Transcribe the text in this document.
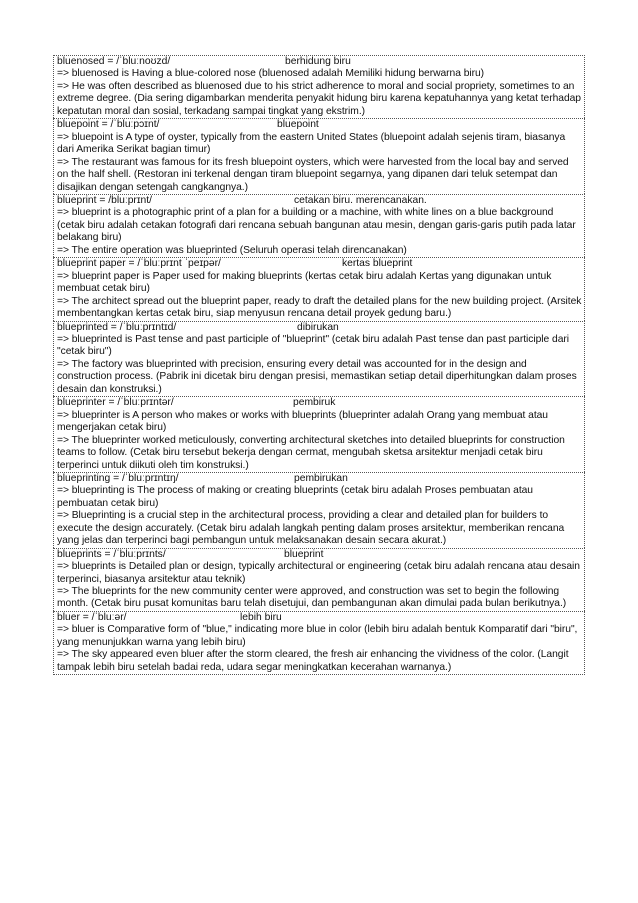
bluenosed = /ˈbluːnoʊzd/	berhidung biru
=> bluenosed is Having a blue-colored nose (bluenosed adalah Memiliki hidung berwarna biru)
=> He was often described as bluenosed due to his strict adherence to moral and social propriety, sometimes to an extreme degree. (Dia sering digambarkan menderita penyakit hidung biru karena kepatuhannya yang ketat terhadap kepatutan moral dan sosial, terkadang sampai tingkat yang ekstrim.)
bluepoint = /ˈbluːpɔɪnt/	bluepoint
=> bluepoint is A type of oyster, typically from the eastern United States (bluepoint adalah sejenis tiram, biasanya dari Amerika Serikat bagian timur)
=> The restaurant was famous for its fresh bluepoint oysters, which were harvested from the local bay and served on the half shell. (Restoran ini terkenal dengan tiram bluepoint segarnya, yang dipanen dari teluk setempat dan disajikan dengan setengah cangkangnya.)
blueprint = /bluːprɪnt/	cetakan biru. merencanakan.
=> blueprint is a photographic print of a plan for a building or a machine, with white lines on a blue background (cetak biru adalah cetakan fotografi dari rencana sebuah bangunan atau mesin, dengan garis-garis putih pada latar belakang biru)
=> The entire operation was blueprinted (Seluruh operasi telah direncanakan)
blueprint paper = /ˈbluːprɪnt ˈpeɪpər/	kertas blueprint
=> blueprint paper is Paper used for making blueprints (kertas cetak biru adalah Kertas yang digunakan untuk membuat cetak biru)
=> The architect spread out the blueprint paper, ready to draft the detailed plans for the new building project. (Arsitek membentangkan kertas cetak biru, siap menyusun rencana detail proyek gedung baru.)
blueprinted = /ˈbluːprɪntɪd/	dibirukan
=> blueprinted is Past tense and past participle of "blueprint" (cetak biru adalah Past tense dan past participle dari "cetak biru")
=> The factory was blueprinted with precision, ensuring every detail was accounted for in the design and construction process. (Pabrik ini dicetak biru dengan presisi, memastikan setiap detail diperhitungkan dalam proses desain dan konstruksi.)
blueprinter = /ˈbluːprɪntər/	pembiruk
=> blueprinter is A person who makes or works with blueprints (blueprinter adalah Orang yang membuat atau mengerjakan cetak biru)
=> The blueprinter worked meticulously, converting architectural sketches into detailed blueprints for construction teams to follow. (Cetak biru tersebut bekerja dengan cermat, mengubah sketsa arsitektur menjadi cetak biru terperinci untuk diikuti oleh tim konstruksi.)
blueprinting = /ˈbluːprɪntɪŋ/	pembirukan
=> blueprinting is The process of making or creating blueprints (cetak biru adalah Proses pembuatan atau pembuatan cetak biru)
=> Blueprinting is a crucial step in the architectural process, providing a clear and detailed plan for builders to execute the design accurately. (Cetak biru adalah langkah penting dalam proses arsitektur, memberikan rencana yang jelas dan terperinci bagi pembangun untuk melaksanakan desain secara akurat.)
blueprints = /ˈbluːprɪnts/	blueprint
=> blueprints is Detailed plan or design, typically architectural or engineering (cetak biru adalah rencana atau desain terperinci, biasanya arsitektur atau teknik)
=> The blueprints for the new community center were approved, and construction was set to begin the following month. (Cetak biru pusat komunitas baru telah disetujui, dan pembangunan akan dimulai pada bulan berikutnya.)
bluer = /ˈbluːər/	lebih biru
=> bluer is Comparative form of "blue," indicating more blue in color (lebih biru adalah bentuk Komparatif dari "biru", yang menunjukkan warna yang lebih biru)
=> The sky appeared even bluer after the storm cleared, the fresh air enhancing the vividness of the color. (Langit tampak lebih biru setelah badai reda, udara segar meningkatkan kecerahan warnanya.)
